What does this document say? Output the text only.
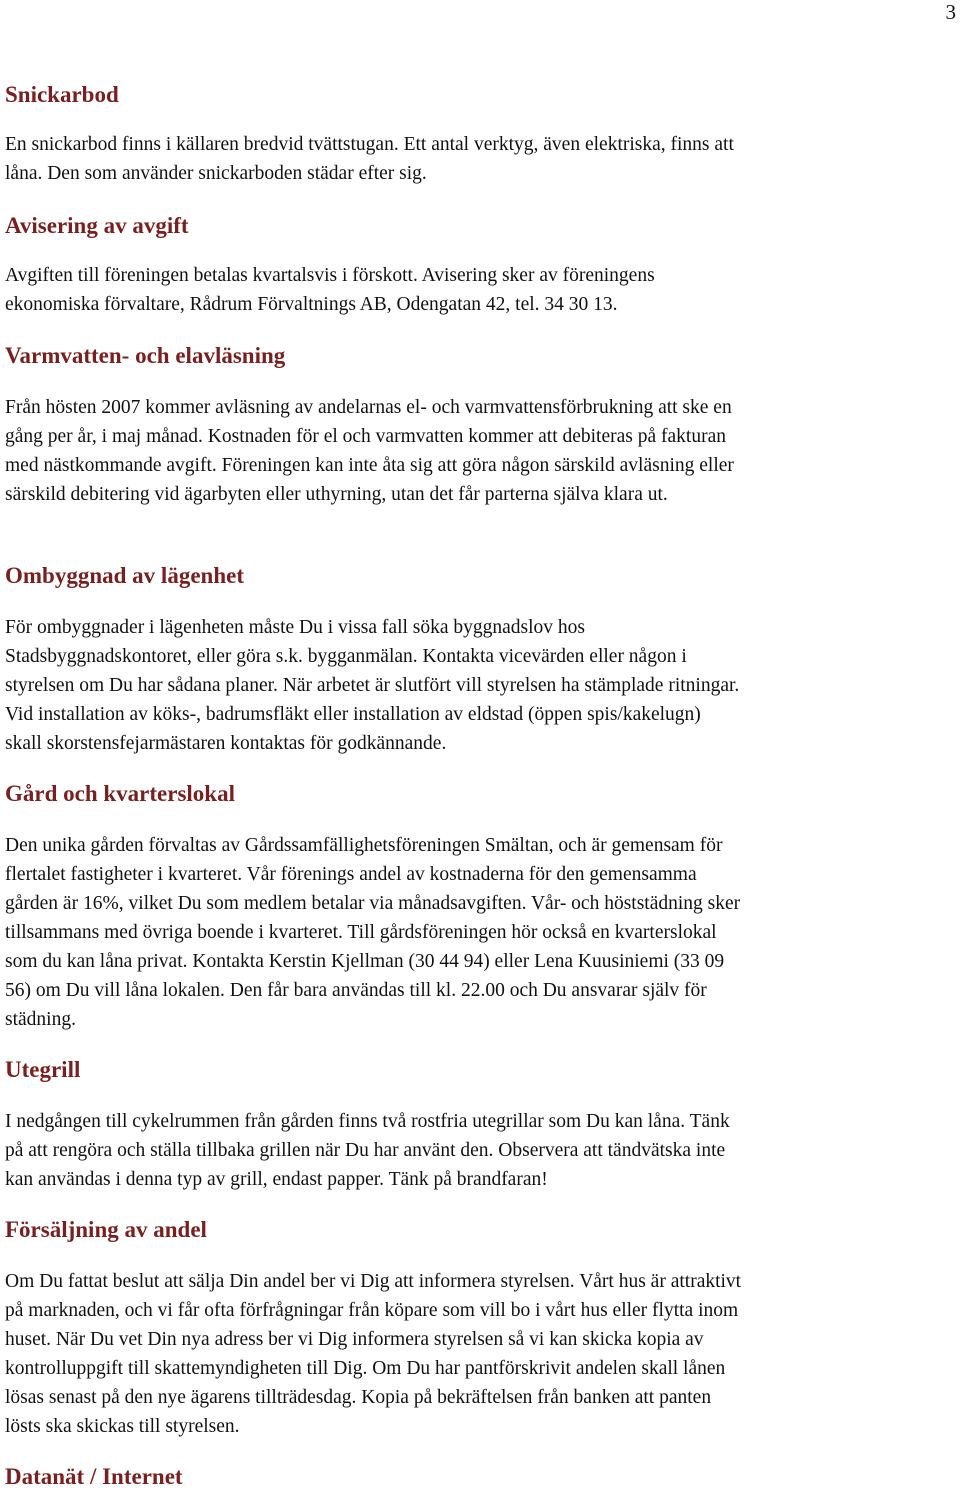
3
Snickarbod
En snickarbod finns i källaren bredvid tvättstugan. Ett antal verktyg, även elektriska, finns att
låna. Den som använder snickarboden städar efter sig.
Avisering av avgift
Avgiften till föreningen betalas kvartalsvis i förskott. Avisering sker av föreningens
ekonomiska förvaltare, Rådrum Förvaltnings AB, Odengatan 42, tel. 34 30 13.
Varmvatten- och elavläsning
Från hösten 2007 kommer avläsning av andelarnas el- och varmvattensförbrukning att ske en
gång per år, i maj månad. Kostnaden för el och varmvatten kommer att debiteras på fakturan
med nästkommande avgift. Föreningen kan inte åta sig att göra någon särskild avläsning eller
särskild debitering vid ägarbyten eller uthyrning, utan det får parterna själva klara ut.
Ombyggnad av lägenhet
För ombyggnader i lägenheten måste Du i vissa fall söka byggnadslov hos
Stadsbyggnadskontoret, eller göra s.k. bygganmälan. Kontakta vicevärden eller någon i
styrelsen om Du har sådana planer. När arbetet är slutfört vill styrelsen ha stämplade ritningar.
Vid installation av köks-, badrumsfläkt eller installation av eldstad (öppen spis/kakelugn)
skall skorstensfejarmästaren kontaktas för godkännande.
Gård och kvarterslokal
Den unika gården förvaltas av Gårdssamfällighetsföreningen Smältan, och är gemensam för
flertalet fastigheter i kvarteret. Vår förenings andel av kostnaderna för den gemensamma
gården är 16%, vilket Du som medlem betalar via månadsavgiften. Vår- och höststädning sker
tillsammans med övriga boende i kvarteret. Till gårdsföreningen hör också en kvarterslokal
som du kan låna privat. Kontakta Kerstin Kjellman (30 44 94) eller Lena Kuusiniemi (33 09
56) om Du vill låna lokalen. Den får bara användas till kl. 22.00 och Du ansvarar själv för
städning.
Utegrill
I nedgången till cykelrummen från gården finns två rostfria utegrillar som Du kan låna. Tänk
på att rengöra och ställa tillbaka grillen när Du har använt den. Observera att tändvätska inte
kan användas i denna typ av grill, endast papper. Tänk på brandfaran!
Försäljning av andel
Om Du fattat beslut att sälja Din andel ber vi Dig att informera styrelsen. Vårt hus är attraktivt
på marknaden, och vi får ofta förfrågningar från köpare som vill bo i vårt hus eller flytta inom
huset. När Du vet Din nya adress ber vi Dig informera styrelsen så vi kan skicka kopia av
kontrolluppgift till skattemyndigheten till Dig. Om Du har pantförskrivit andelen skall lånen
lösas senast på den nye ägarens tillträdesdag. Kopia på bekräftelsen från banken att panten
lösts ska skickas till styrelsen.
Datanät / Internet
